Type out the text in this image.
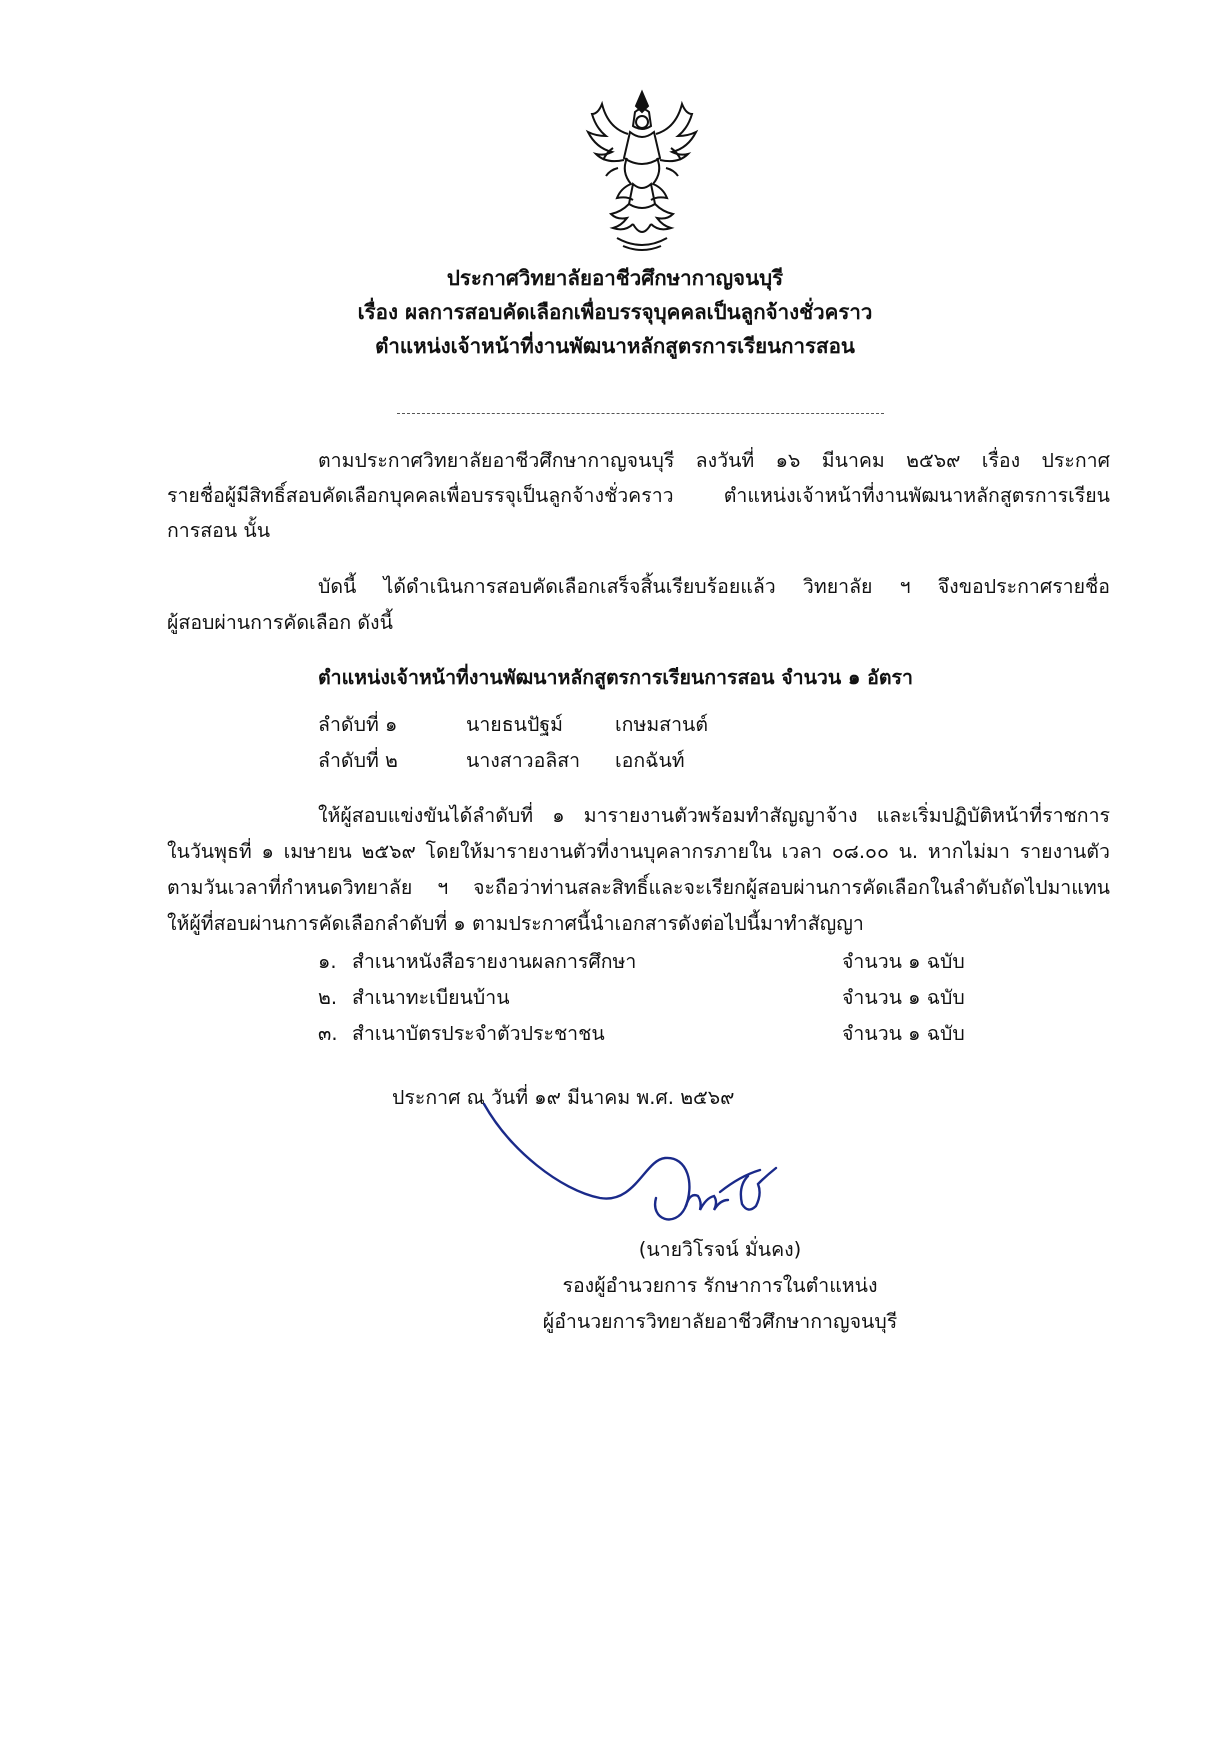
ประกาศวิทยาลัยอาชีวศึกษากาญจนบุรี
เรื่อง ผลการสอบคัดเลือกเพื่อบรรจุบุคคลเป็นลูกจ้างชั่วคราว
ตำแหน่งเจ้าหน้าที่งานพัฒนาหลักสูตรการเรียนการสอน
ตามประกาศวิทยาลัยอาชีวศึกษากาญจนบุรี ลงวันที่ ๑๖ มีนาคม ๒๕๖๙ เรื่อง ประกาศ
รายชื่อผู้มีสิทธิ์สอบคัดเลือกบุคคลเพื่อบรรจุเป็นลูกจ้างชั่วคราว ตำแหน่งเจ้าหน้าที่งานพัฒนาหลักสูตรการเรียน
การสอน นั้น
บัดนี้ ได้ดำเนินการสอบคัดเลือกเสร็จสิ้นเรียบร้อยแล้ว วิทยาลัย ฯ จึงขอประกาศรายชื่อ
ผู้สอบผ่านการคัดเลือก ดังนี้
ตำแหน่งเจ้าหน้าที่งานพัฒนาหลักสูตรการเรียนการสอน จำนวน ๑ อัตรา
ลำดับที่ ๑	นายธนปัฐม์	เกษมสานต์
ลำดับที่ ๒	นางสาวอลิสา เอกฉันท์
ให้ผู้สอบแข่งขันได้ลำดับที่ ๑ มารายงานตัวพร้อมทำสัญญาจ้าง และเริ่มปฏิบัติหน้าที่ราชการ
ในวันพุธที่ ๑ เมษายน ๒๕๖๙ โดยให้มารายงานตัวที่งานบุคลากรภายใน เวลา ๐๘.๐๐ น. หากไม่มา รายงานตัว
ตามวันเวลาที่กำหนดวิทยาลัย ฯ จะถือว่าท่านสละสิทธิ์และจะเรียกผู้สอบผ่านการคัดเลือกในลำดับถัดไปมาแทน
ให้ผู้ที่สอบผ่านการคัดเลือกลำดับที่ ๑ ตามประกาศนี้นำเอกสารดังต่อไปนี้มาทำสัญญา
๑. สำเนาหนังสือรายงานผลการศึกษา	จำนวน ๑ ฉบับ
๒. สำเนาทะเบียนบ้าน	จำนวน ๑ ฉบับ
๓. สำเนาบัตรประจำตัวประชาชน	จำนวน ๑ ฉบับ
ประกาศ ณ วันที่ ๑๙ มีนาคม พ.ศ. ๒๕๖๙
(นายวิโรจน์ มั่นคง)
รองผู้อำนวยการ รักษาการในตำแหน่ง
ผู้อำนวยการวิทยาลัยอาชีวศึกษากาญจนบุรี
